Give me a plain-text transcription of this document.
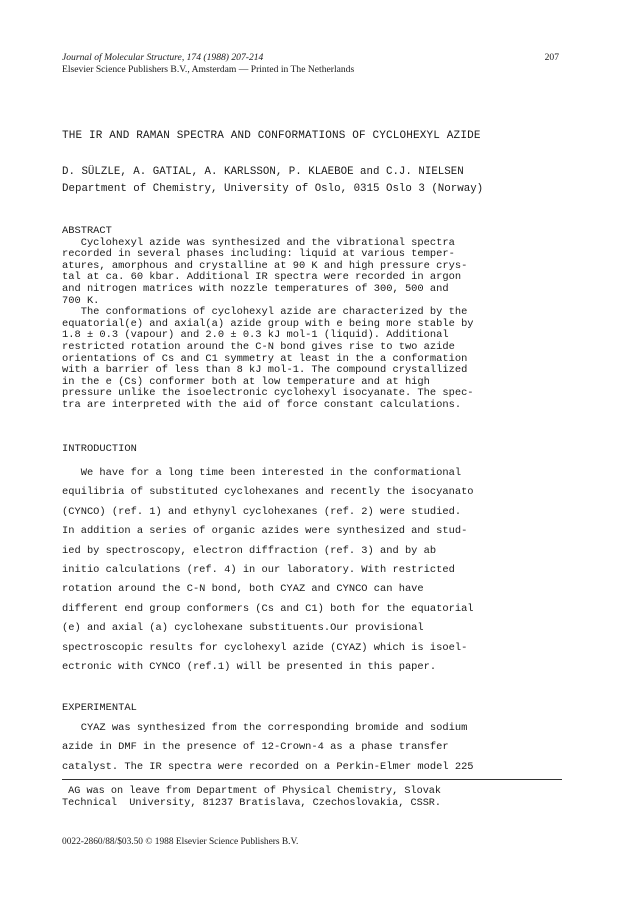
Journal of Molecular Structure, 174 (1988) 207-214
Elsevier Science Publishers B.V., Amsterdam — Printed in The Netherlands
207
THE IR AND RAMAN SPECTRA AND CONFORMATIONS OF CYCLOHEXYL AZIDE
D. SÜLZLE, A. GATIAL, A. KARLSSON, P. KLAEBOE and C.J. NIELSEN
Department of Chemistry, University of Oslo, 0315 Oslo 3 (Norway)
ABSTRACT
Cyclohexyl azide was synthesized and the vibrational spectra
recorded in several phases including: liquid at various temper-
atures, amorphous and crystalline at 90 K and high pressure crys-
tal at ca. 60 kbar. Additional IR spectra were recorded in argon
and nitrogen matrices with nozzle temperatures of 300, 500 and
700 K.
The conformations of cyclohexyl azide are characterized by the
equatorial(e) and axial(a) azide group with e being more stable by
1.8 ± 0.3 (vapour) and 2.0 ± 0.3 kJ mol-1 (liquid). Additional
restricted rotation around the C-N bond gives rise to two azide
orientations of Cs and C1 symmetry at least in the a conformation
with a barrier of less than 8 kJ mol-1. The compound crystallized
in the e (Cs) conformer both at low temperature and at high
pressure unlike the isoelectronic cyclohexyl isocyanate. The spec-
tra are interpreted with the aid of force constant calculations.
INTRODUCTION
We have for a long time been interested in the conformational
equilibria of substituted cyclohexanes and recently the isocyanato
(CYNCO) (ref. 1) and ethynyl cyclohexanes (ref. 2) were studied.
In addition a series of organic azides were synthesized and stud-
ied by spectroscopy, electron diffraction (ref. 3) and by ab
initio calculations (ref. 4) in our laboratory. With restricted
rotation around the C-N bond, both CYAZ and CYNCO can have
different end group conformers (Cs and C1) both for the equatorial
(e) and axial (a) cyclohexane substituents.Our provisional
spectroscopic results for cyclohexyl azide (CYAZ) which is isoel-
ectronic with CYNCO (ref.1) will be presented in this paper.
EXPERIMENTAL
CYAZ was synthesized from the corresponding bromide and sodium
azide in DMF in the presence of 12-Crown-4 as a phase transfer
catalyst. The IR spectra were recorded on a Perkin-Elmer model 225
AG was on leave from Department of Physical Chemistry, Slovak
Technical  University, 81237 Bratislava, Czechoslovakia, CSSR.
0022-2860/88/$03.50 © 1988 Elsevier Science Publishers B.V.
